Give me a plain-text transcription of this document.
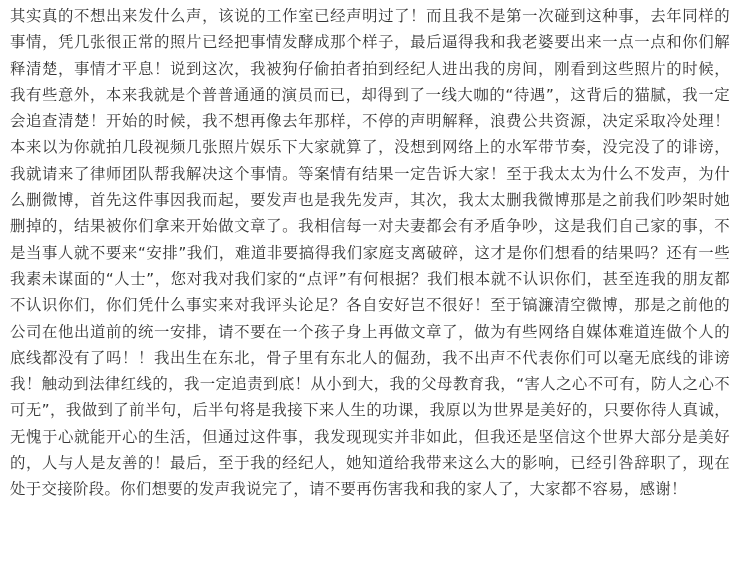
其实真的不想出来发什么声，该说的工作室已经声明过了！而且我不是第一次碰到这种事，去年同样的事情，凭几张很正常的照片已经把事情发酵成那个样子，最后逼得我和我老婆要出来一点一点和你们解释清楚，事情才平息！说到这次，我被狗仔偷拍者拍到经纪人进出我的房间，刚看到这些照片的时候，我有些意外，本来我就是个普普通通的演员而已，却得到了一线大咖的“待遇”，这背后的猫腻，我一定会追查清楚！开始的时候，我不想再像去年那样，不停的声明解释，浪费公共资源，决定采取冷处理！本来以为你就拍几段视频几张照片娱乐下大家就算了，没想到网络上的水军带节奏，没完没了的诽谤，我就请来了律师团队帮我解决这个事情。等案情有结果一定告诉大家！至于我太太为什么不发声，为什么删微博，首先这件事因我而起，要发声也是我先发声，其次，我太太删我微博那是之前我们吵架时她删掉的，结果被你们拿来开始做文章了。我相信每一对夫妻都会有矛盾争吵，这是我们自己家的事，不是当事人就不要来“安排”我们，难道非要搞得我们家庭支离破碎，这才是你们想看的结果吗？还有一些我素未谋面的“人士”，您对我对我们家的“点评”有何根据？我们根本就不认识你们，甚至连我的朋友都不认识你们，你们凭什么事实来对我评头论足？各自安好岂不很好！至于镐濂清空微博，那是之前他的公司在他出道前的统一安排，请不要在一个孩子身上再做文章了，做为有些网络自媒体难道连做个人的底线都没有了吗！！我出生在东北，骨子里有东北人的倔劲，我不出声不代表你们可以毫无底线的诽谤我！触动到法律红线的，我一定追责到底！从小到大，我的父母教育我，“害人之心不可有，防人之心不可无”，我做到了前半句，后半句将是我接下来人生的功课，我原以为世界是美好的，只要你待人真诚，无愧于心就能开心的生活，但通过这件事，我发现现实并非如此，但我还是坚信这个世界大部分是美好的，人与人是友善的！最后，至于我的经纪人，她知道给我带来这么大的影响，已经引咎辞职了，现在处于交接阶段。你们想要的发声我说完了，请不要再伤害我和我的家人了，大家都不容易，感谢！
